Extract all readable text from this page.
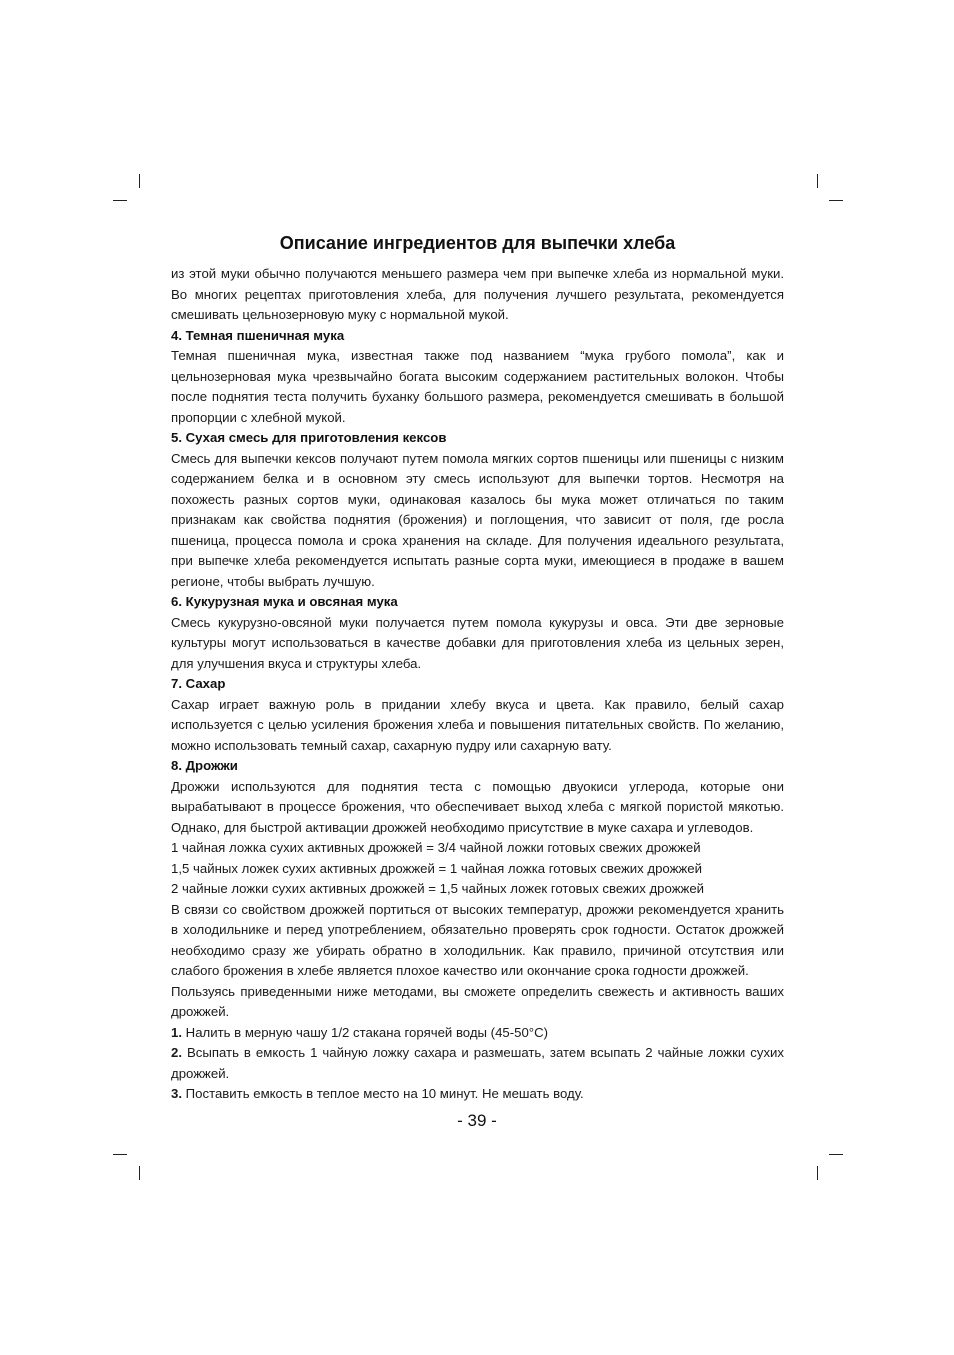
Описание ингредиентов для выпечки хлеба

из этой муки обычно получаются меньшего размера чем при выпечке хлеба из нормальной муки. Во многих рецептах приготовления хлеба, для получения лучшего результата, рекомендуется смешивать цельнозерновую муку с нормальной мукой.

4. Темная пшеничная мука

Темная пшеничная мука, известная также под названием “мука грубого помола”, как и цельнозерновая мука чрезвычайно богата высоким содержанием растительных волокон. Чтобы после поднятия теста получить буханку большого размера, рекомендуется смешивать в большой пропорции с хлебной мукой.

5. Сухая смесь для приготовления кексов

Смесь для выпечки кексов получают путем помола мягких сортов пшеницы или пшеницы с низким содержанием белка и в основном эту смесь используют для выпечки тортов. Несмотря на похожесть разных сортов муки, одинаковая казалось бы мука может отличаться по таким признакам как свойства поднятия (брожения) и поглощения, что зависит от поля, где росла пшеница, процесса помола и срока хранения на складе. Для получения идеального результата, при выпечке хлеба рекомендуется испытать разные сорта муки, имеющиеся в продаже в вашем регионе, чтобы выбрать лучшую.

6. Кукурузная мука и овсяная мука

Смесь кукурузно-овсяной муки получается путем помола кукурузы и овса. Эти две зерновые культуры могут использоваться в качестве добавки для приготовления хлеба из цельных зерен, для улучшения вкуса и структуры хлеба.

7. Сахар

Сахар играет важную роль в придании хлебу вкуса и цвета. Как правило, белый сахар используется с целью усиления брожения хлеба и повышения питательных свойств. По желанию, можно использовать темный сахар, сахарную пудру или сахарную вату.

8. Дрожжи

Дрожжи используются для поднятия теста с помощью двуокиси углерода, которые они вырабатывают в процессе брожения, что обеспечивает выход хлеба с мягкой пористой мякотью. Однако, для быстрой активации дрожжей необходимо присутствие в муке сахара и углеводов.

1 чайная ложка сухих активных дрожжей = 3/4 чайной ложки готовых свежих дрожжей

1,5 чайных ложек сухих активных дрожжей = 1 чайная ложка готовых свежих дрожжей

2 чайные ложки сухих активных дрожжей = 1,5 чайных ложек готовых свежих дрожжей

В связи со свойством дрожжей портиться от высоких температур, дрожжи рекомендуется хранить в холодильнике и перед употреблением, обязательно проверять срок годности. Остаток дрожжей необходимо сразу же убирать обратно в холодильник. Как правило, причиной отсутствия или слабого брожения в хлебе является плохое качество или окончание срока годности дрожжей.

Пользуясь приведенными ниже методами, вы сможете определить свежесть и активность ваших дрожжей.

1. Налить в мерную чашу 1/2 стакана горячей воды (45-50°C)

2. Всыпать в емкость 1 чайную ложку сахара и размешать, затем всыпать 2 чайные ложки сухих дрожжей.

3. Поставить емкость в теплое место на 10 минут. Не мешать воду.

- 39 -
